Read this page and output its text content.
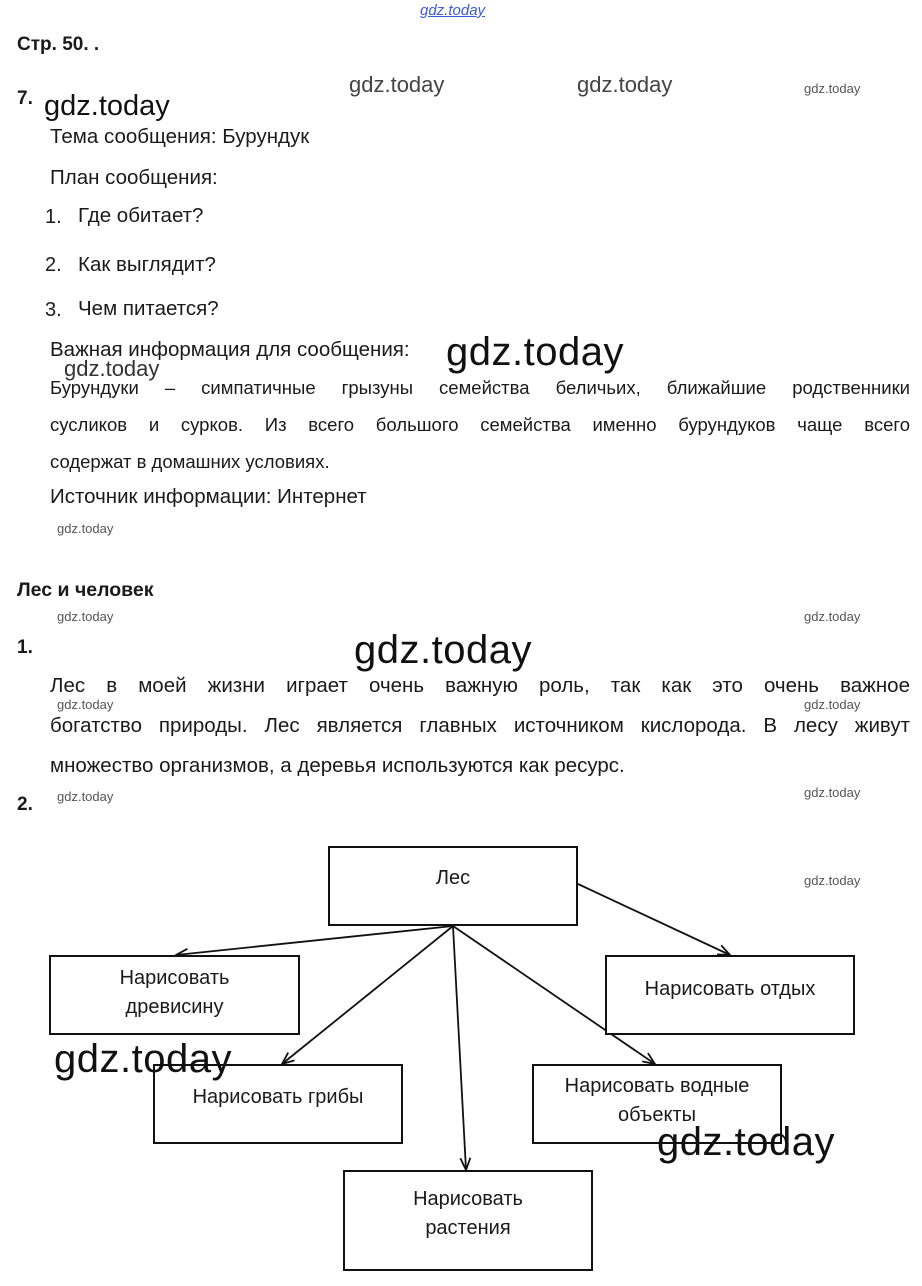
gdz.today
Стр. 50. .
7.
Тема сообщения: Бурундук
План сообщения:
1. Где обитает?
2. Как выглядит?
3. Чем питается?
Важная информация для сообщения:
Бурундуки – симпатичные грызуны семейства беличьих, ближайшие родственники
сусликов и сурков. Из всего большого семейства именно бурундуков чаще всего
содержат в домашних условиях.
Источник информации: Интернет
Лес и человек
1.
Лес в моей жизни играет очень важную роль, так как это очень важное
богатство природы. Лес является главных источником кислорода. В лесу живут
множество организмов, а деревья используются как ресурс.
2.
Лес
Нарисовать
древисину
Нарисовать отдых
Нарисовать грибы	Нарисовать водные
объекты
Нарисовать
растения
gdz.today	gdz.today	gdz.today
gdz.today
gdz.today	gdz.today
gdz.today
gdz.today	gdz.today
gdz.today
gdz.today	gdz.today
gdz.today	gdz.today
gdz.today
gdz.today
gdz.today
